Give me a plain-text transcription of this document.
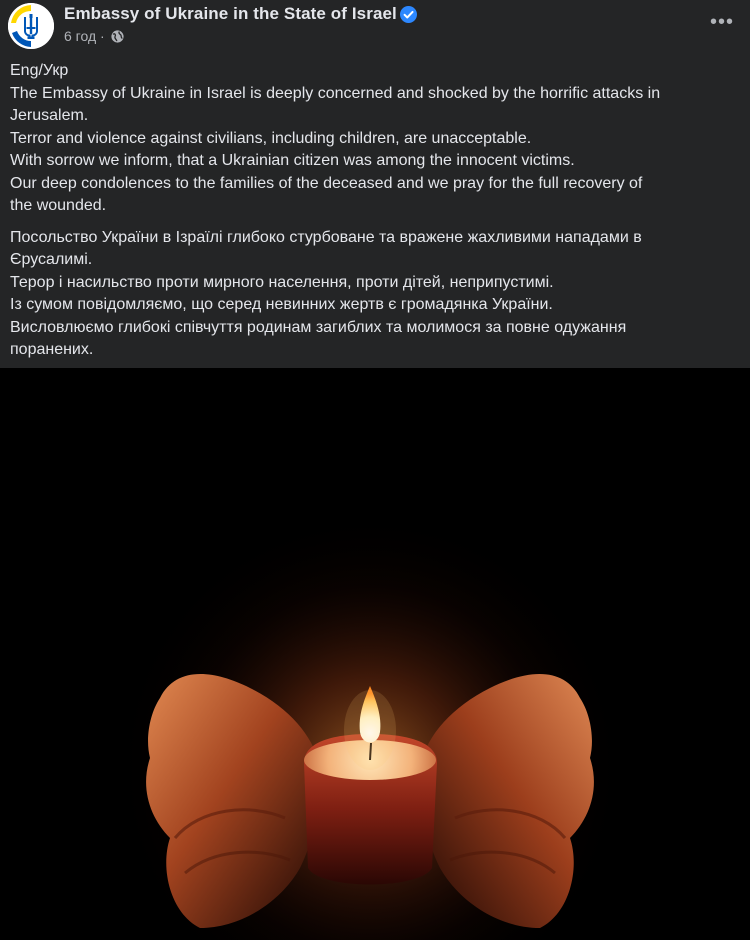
Embassy of Ukraine in the State of Israel
6 год ·
•••

Eng/Укр
The Embassy of Ukraine in Israel is deeply concerned and shocked by the horrific attacks in
Jerusalem.
Terror and violence against civilians, including children, are unacceptable.
With sorrow we inform, that a Ukrainian citizen was among the innocent victims.
Our deep condolences to the families of the deceased and we pray for the full recovery of
the wounded.

Посольство України в Ізраїлі глибоко стурбоване та вражене жахливими нападами в
Єрусалимі.
Терор і насильство проти мирного населення, проти дітей, неприпустимі.
Із сумом повідомляємо, що серед невинних жертв є громадянка України.
Висловлюємо глибокі співчуття родинам загиблих та молимося за повне одужання
поранених.
